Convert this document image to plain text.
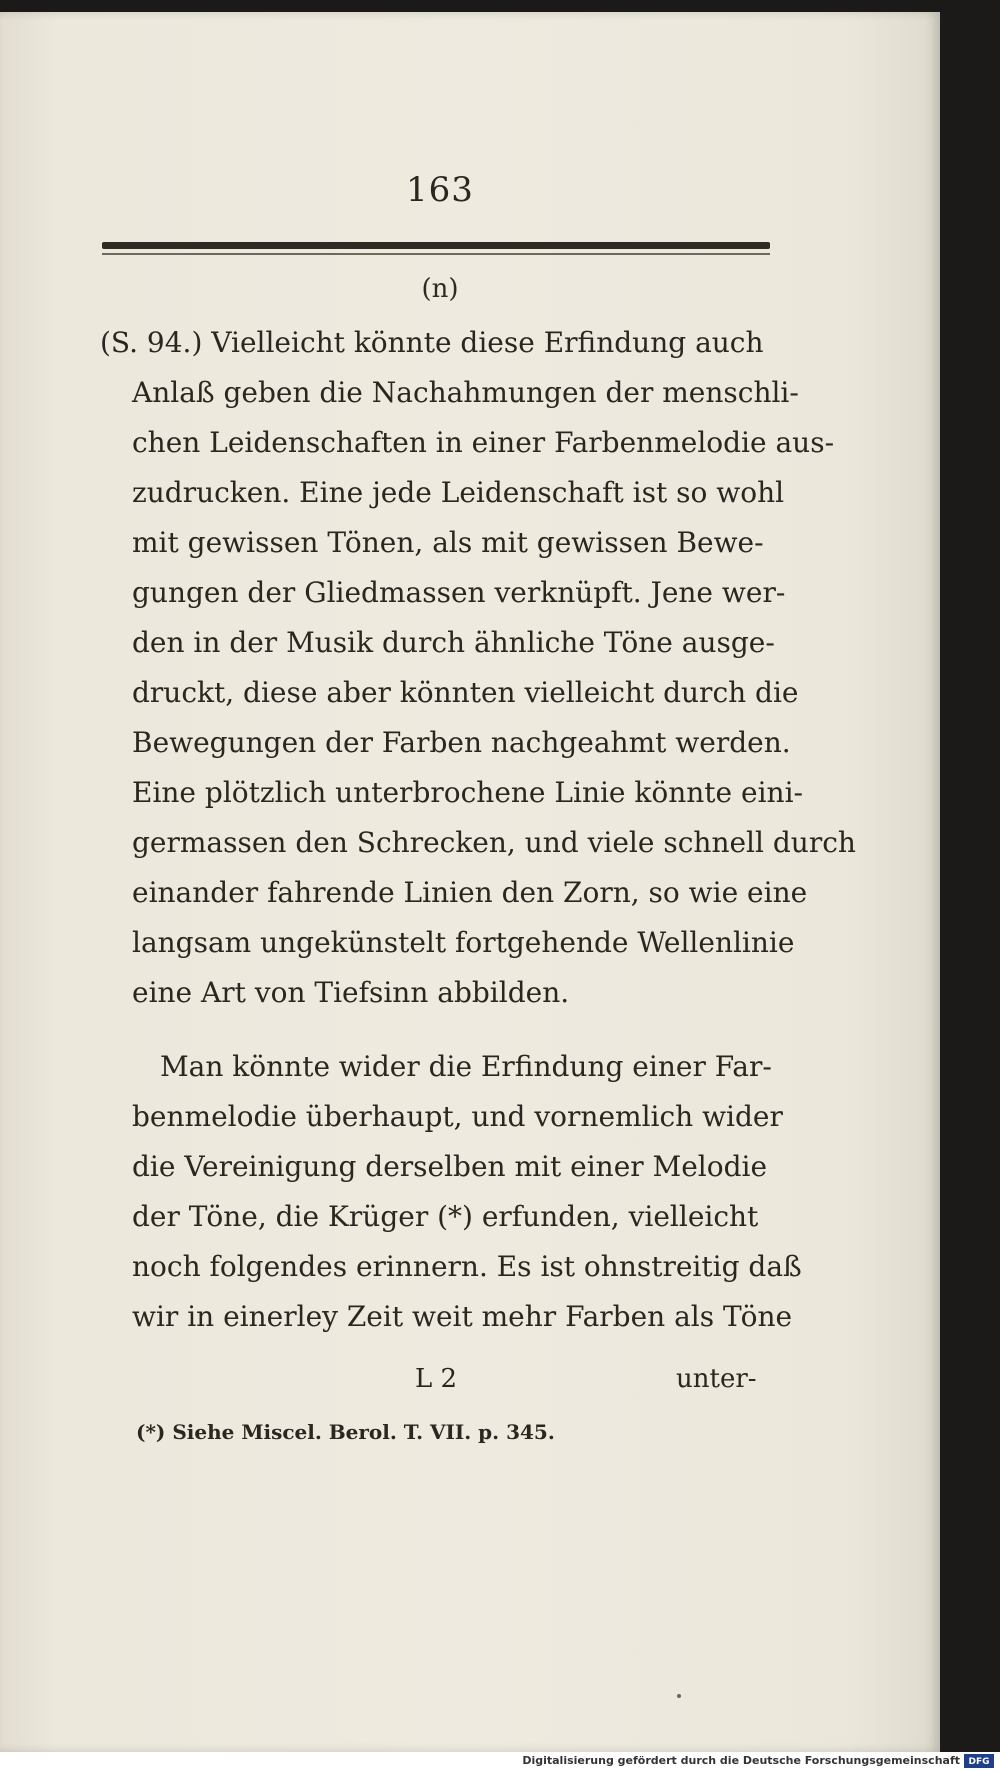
163
(n)
(S. 94.) Vielleicht könnte diese Erfindung auch
Anlaß geben die Nachahmungen der menschli-
chen Leidenschaften in einer Farbenmelodie aus-
zudrucken. Eine jede Leidenschaft ist so wohl
mit gewissen Tönen, als mit gewissen Bewe-
gungen der Gliedmassen verknüpft. Jene wer-
den in der Musik durch ähnliche Töne ausge-
druckt, diese aber könnten vielleicht durch die
Bewegungen der Farben nachgeahmt werden.
Eine plötzlich unterbrochene Linie könnte eini-
germassen den Schrecken, und viele schnell durch
einander fahrende Linien den Zorn, so wie eine
langsam ungekünstelt fortgehende Wellenlinie
eine Art von Tiefsinn abbilden.
Man könnte wider die Erfindung einer Far-
benmelodie überhaupt, und vornemlich wider
die Vereinigung derselben mit einer Melodie
der Töne, die Krüger (*) erfunden, vielleicht
noch folgendes erinnern. Es ist ohnstreitig daß
wir in einerley Zeit weit mehr Farben als Töne
L 2	unter-
(*) Siehe Miscel. Berol. T. VII. p. 345.
Digitalisierung gefördert durch die Deutsche Forschungsgemeinschaft DFG
